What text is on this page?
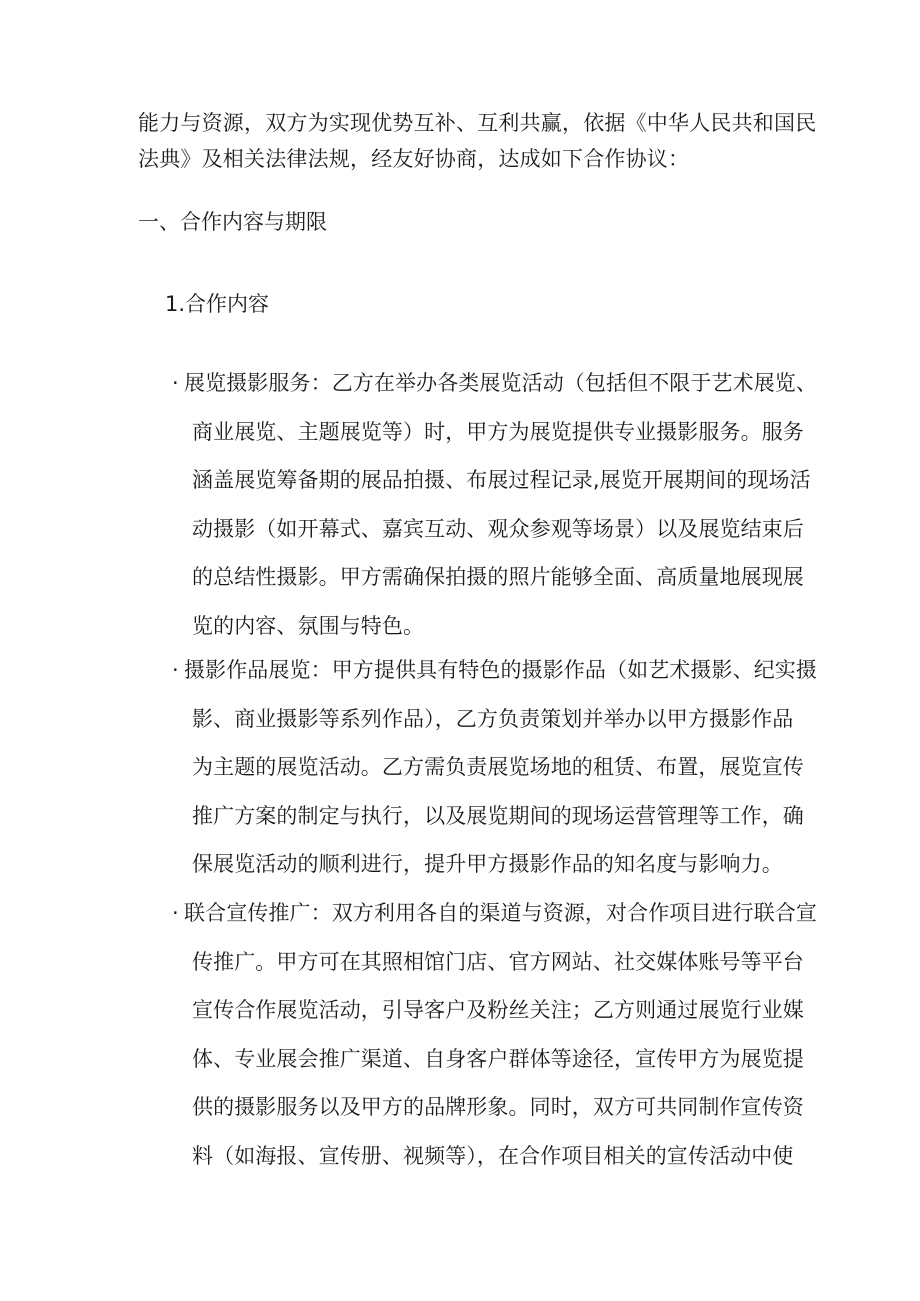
能力与资源，双方为实现优势互补、互利共赢，依据《中华人民共和国民
法典》及相关法律法规，经友好协商，达成如下合作协议：
一、合作内容与期限
1.合作内容
· 展览摄影服务：乙方在举办各类展览活动（包括但不限于艺术展览、
商业展览、主题展览等）时，甲方为展览提供专业摄影服务。服务
涵盖展览筹备期的展品拍摄、布展过程记录,展览开展期间的现场活
动摄影（如开幕式、嘉宾互动、观众参观等场景）以及展览结束后
的总结性摄影。甲方需确保拍摄的照片能够全面、高质量地展现展
览的内容、氛围与特色。
· 摄影作品展览：甲方提供具有特色的摄影作品（如艺术摄影、纪实摄
影、商业摄影等系列作品），乙方负责策划并举办以甲方摄影作品
为主题的展览活动。乙方需负责展览场地的租赁、布置，展览宣传
推广方案的制定与执行，以及展览期间的现场运营管理等工作，确
保展览活动的顺利进行，提升甲方摄影作品的知名度与影响力。
· 联合宣传推广：双方利用各自的渠道与资源，对合作项目进行联合宣
传推广。甲方可在其照相馆门店、官方网站、社交媒体账号等平台
宣传合作展览活动，引导客户及粉丝关注；乙方则通过展览行业媒
体、专业展会推广渠道、自身客户群体等途径，宣传甲方为展览提
供的摄影服务以及甲方的品牌形象。同时，双方可共同制作宣传资
料（如海报、宣传册、视频等），在合作项目相关的宣传活动中使
